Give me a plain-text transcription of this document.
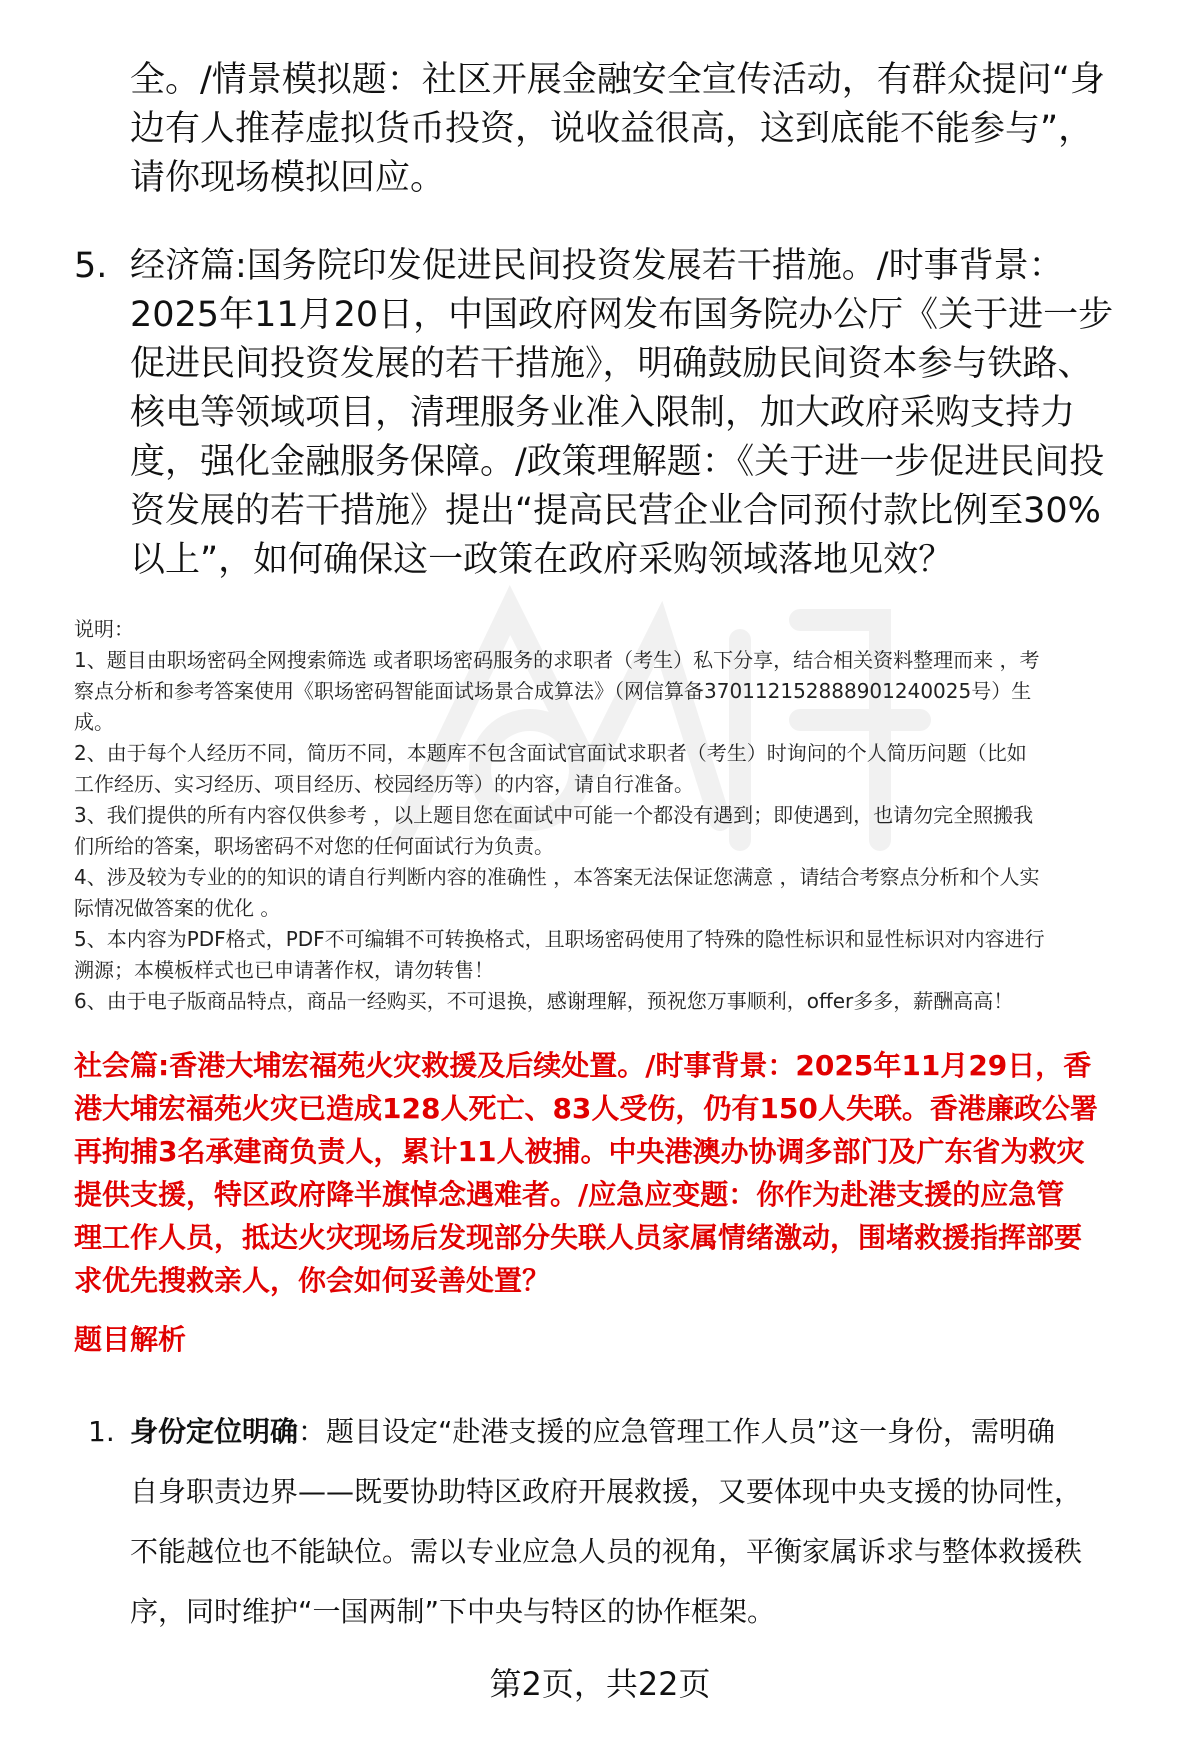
全。/情景模拟题：社区开展金融安全宣传活动，有群众提问“身

边有人推荐虚拟货币投资，说收益很高，这到底能不能参与”，

请你现场模拟回应。

5. 经济篇:国务院印发促进民间投资发展若干措施。/时事背景：
2025年11月20日，中国政府网发布国务院办公厅《关于进一步
促进民间投资发展的若干措施》，明确鼓励民间资本参与铁路、
核电等领域项目，清理服务业准入限制，加大政府采购支持力
度，强化金融服务保障。/政策理解题：《关于进一步促进民间投
资发展的若干措施》提出“提高民营企业合同预付款比例至30%
以上”，如何确保这一政策在政府采购领域落地见效？

说明：

1、题目由职场密码全网搜索筛选 或者职场密码服务的求职者（考生）私下分享，结合相关资料整理而来 ，考

察点分析和参考答案使用《职场密码智能面试场景合成算法》（网信算备370112152888901240025号）生

成。

2、由于每个人经历不同，简历不同，本题库不包含面试官面试求职者（考生）时询问的个人简历问题（比如

工作经历、实习经历、项目经历、校园经历等）的内容，请自行准备。

3、我们提供的所有内容仅供参考 ，以上题目您在面试中可能一个都没有遇到；即使遇到，也请勿完全照搬我

们所给的答案，职场密码不对您的任何面试行为负责。

4、涉及较为专业的的知识的请自行判断内容的准确性 ，本答案无法保证您满意 ，请结合考察点分析和个人实

际情况做答案的优化 。

5、本内容为PDF格式，PDF不可编辑不可转换格式，且职场密码使用了特殊的隐性标识和显性标识对内容进行

溯源；本模板样式也已申请著作权，请勿转售！

6、由于电子版商品特点，商品一经购买，不可退换，感谢理解，预祝您万事顺利，offer多多，薪酬高高！

社会篇:香港大埔宏福苑火灾救援及后续处置。/时事背景：2025年11月29日，香

港大埔宏福苑火灾已造成128人死亡、83人受伤，仍有150人失联。香港廉政公署

再拘捕3名承建商负责人，累计11人被捕。中央港澳办协调多部门及广东省为救灾

提供支援，特区政府降半旗悼念遇难者。/应急应变题：你作为赴港支援的应急管

理工作人员，抵达火灾现场后发现部分失联人员家属情绪激动，围堵救援指挥部要

求优先搜救亲人，你会如何妥善处置？

题目解析
1. 身份定位明确：题目设定“赴港支援的应急管理工作人员”这一身份，需明确
自身职责边界——既要协助特区政府开展救援，又要体现中央支援的协同性，
不能越位也不能缺位。需以专业应急人员的视角，平衡家属诉求与整体救援秩
序，同时维护“一国两制”下中央与特区的协作框架。
第2页，共22页
